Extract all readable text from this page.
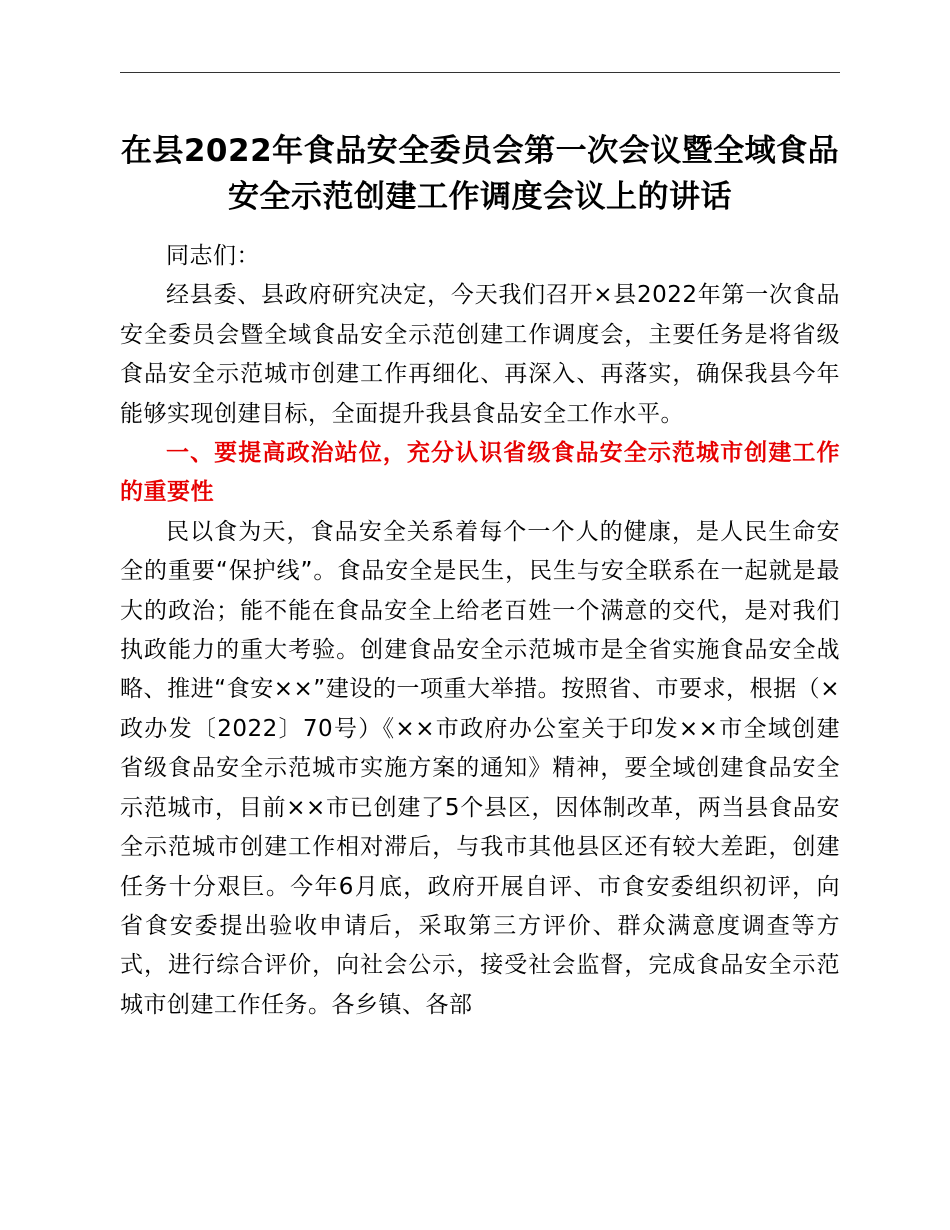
在县2022年食品安全委员会第一次会议暨全域食品安全示范创建工作调度会议上的讲话

同志们：

经县委、县政府研究决定，今天我们召开×县2022年第一次食品安全委员会暨全域食品安全示范创建工作调度会，主要任务是将省级食品安全示范城市创建工作再细化、再深入、再落实，确保我县今年能够实现创建目标，全面提升我县食品安全工作水平。

一、要提高政治站位，充分认识省级食品安全示范城市创建工作的重要性

民以食为天，食品安全关系着每个一个人的健康，是人民生命安全的重要“保护线”。食品安全是民生，民生与安全联系在一起就是最大的政治；能不能在食品安全上给老百姓一个满意的交代，是对我们执政能力的重大考验。创建食品安全示范城市是全省实施食品安全战略、推进“食安××”建设的一项重大举措。按照省、市要求，根据（×政办发〔2022〕70号）《××市政府办公室关于印发××市全域创建省级食品安全示范城市实施方案的通知》精神，要全域创建食品安全示范城市，目前××市已创建了5个县区，因体制改革，两当县食品安全示范城市创建工作相对滞后，与我市其他县区还有较大差距，创建任务十分艰巨。今年6月底，政府开展自评、市食安委组织初评，向省食安委提出验收申请后，采取第三方评价、群众满意度调查等方式，进行综合评价，向社会公示，接受社会监督，完成食品安全示范城市创建工作任务。各乡镇、各部
